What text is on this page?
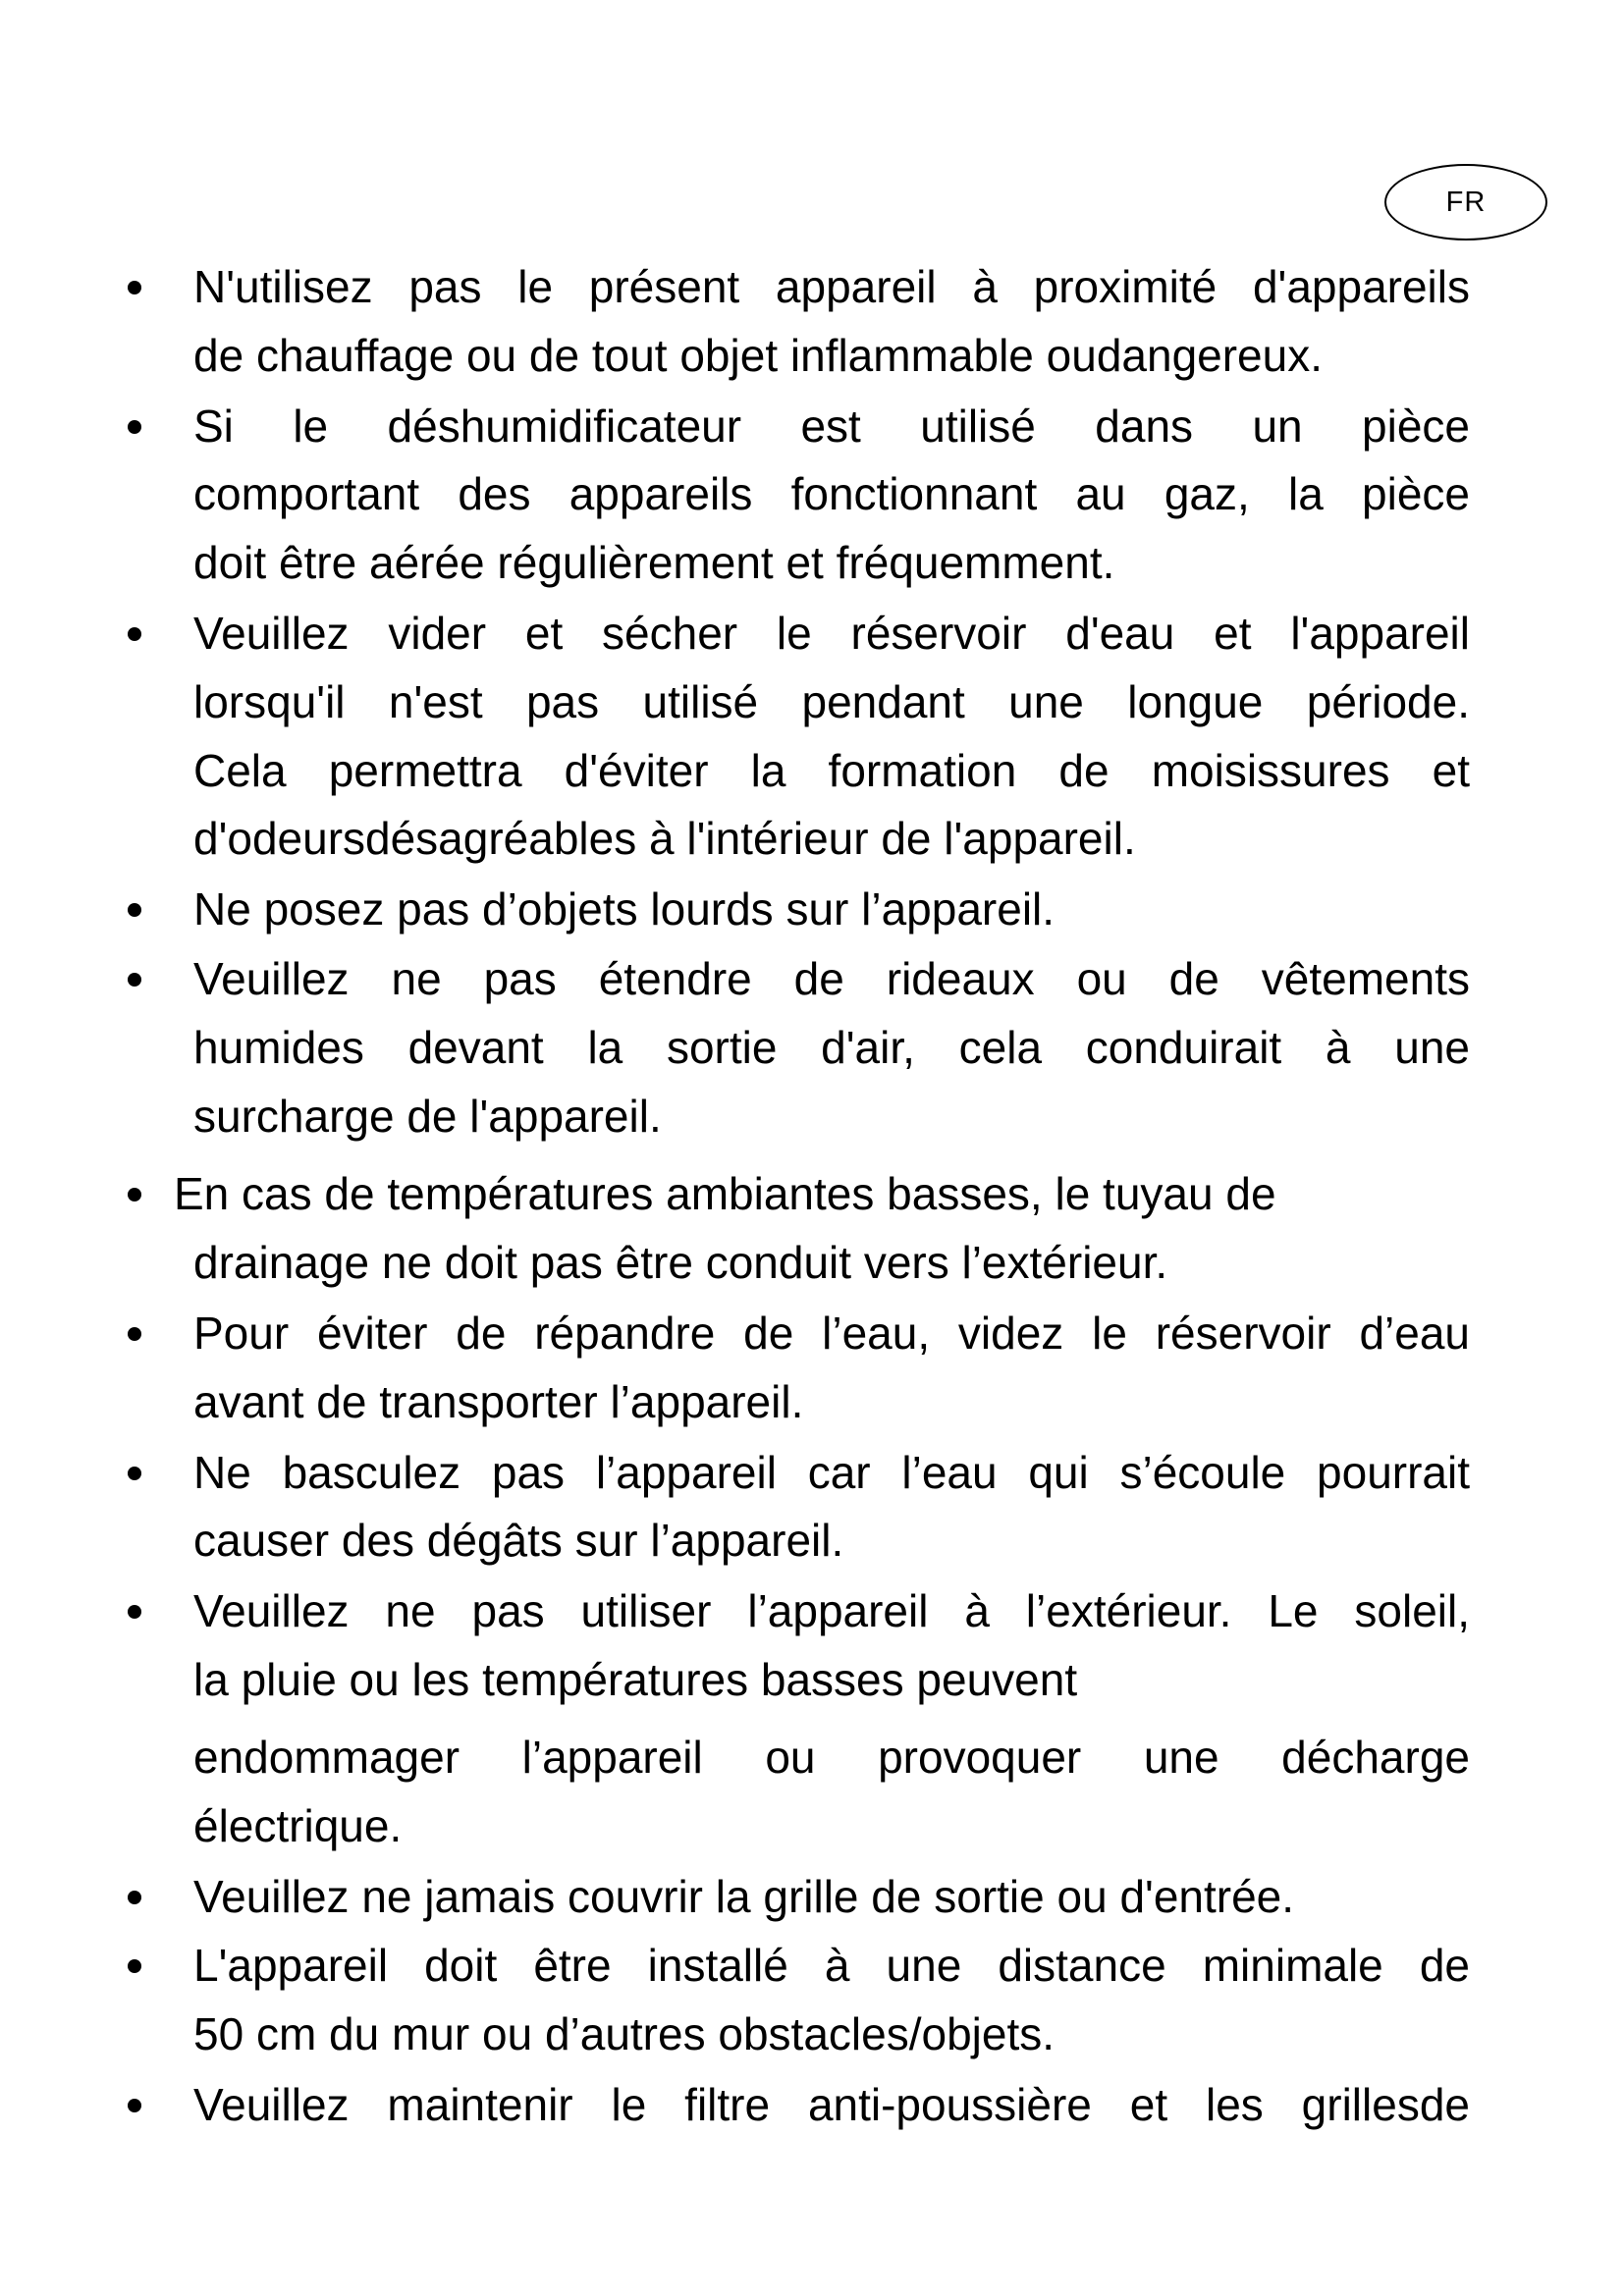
FR
N'utilisez pas le présent appareil à proximité d'appareils
de chauffage ou de tout objet inflammable oudangereux.
Si le déshumidificateur est utilisé dans un pièce
comportant des appareils fonctionnant au gaz, la pièce
doit être aérée régulièrement et fréquemment.
Veuillez vider et sécher le réservoir d'eau et l'appareil
lorsqu'il n'est pas utilisé pendant une longue période.
Cela permettra d'éviter la formation de moisissures et
d'odeursdésagréables à l'intérieur de l'appareil.
Ne posez pas d’objets lourds sur l’appareil.
Veuillez ne pas étendre de rideaux ou de vêtements
humides devant la sortie d'air, cela conduirait à une
surcharge de l'appareil.
En cas de températures ambiantes basses, le tuyau de
drainage ne doit pas être conduit vers l’extérieur.
Pour éviter de répandre de l’eau, videz le réservoir d’eau
avant de transporter l’appareil.
Ne basculez pas l’appareil car l’eau qui s’écoule pourrait
causer des dégâts sur l’appareil.
Veuillez ne pas utiliser l’appareil à l’extérieur. Le soleil,
la pluie ou les températures basses peuvent
endommager l’appareil ou provoquer une décharge
électrique.
Veuillez ne jamais couvrir la grille de sortie ou d'entrée.
L'appareil doit être installé à une distance minimale de
50 cm du mur ou d’autres obstacles/objets.
Veuillez maintenir le filtre anti-poussière et les grillesde
